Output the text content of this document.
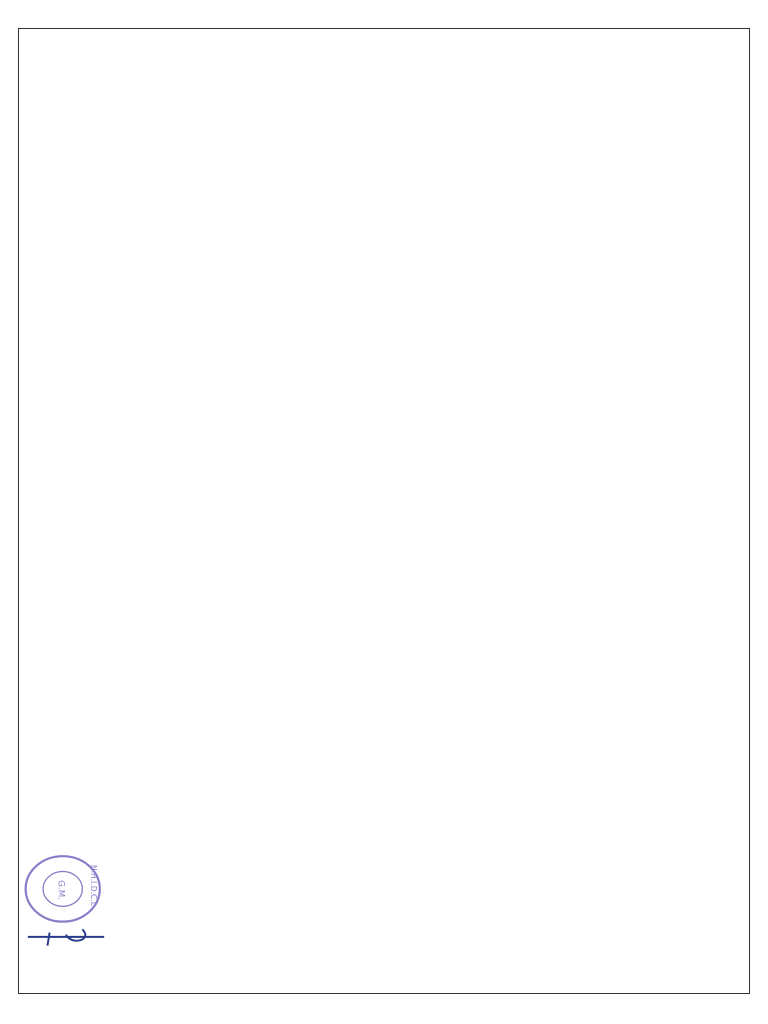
G.M.	N.H.I.D.C.L
